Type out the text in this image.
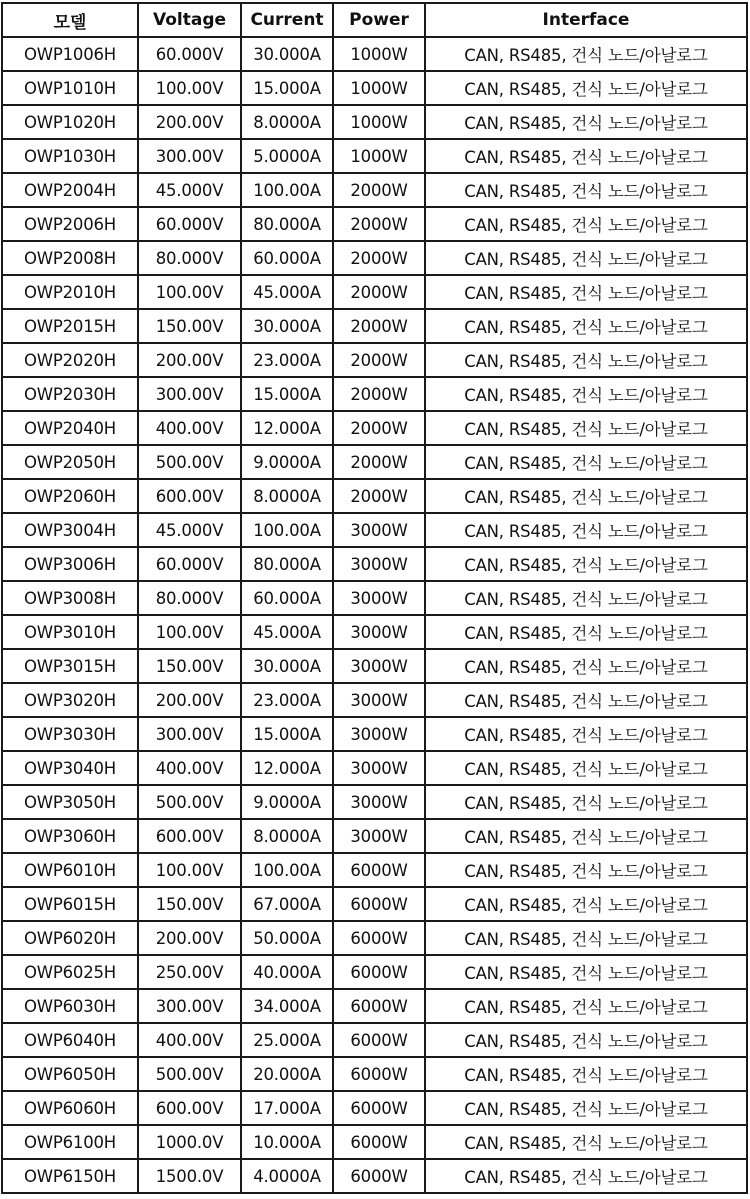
모델	Voltage	Current	Power	Interface
OWP1006H	60.000V	30.000A	1000W	CAN, RS485, 건식 노드/아날로그
OWP1010H	100.00V	15.000A	1000W	CAN, RS485, 건식 노드/아날로그
OWP1020H	200.00V	8.0000A	1000W	CAN, RS485, 건식 노드/아날로그
OWP1030H	300.00V	5.0000A	1000W	CAN, RS485, 건식 노드/아날로그
OWP2004H	45.000V	100.00A	2000W	CAN, RS485, 건식 노드/아날로그
OWP2006H	60.000V	80.000A	2000W	CAN, RS485, 건식 노드/아날로그
OWP2008H	80.000V	60.000A	2000W	CAN, RS485, 건식 노드/아날로그
OWP2010H	100.00V	45.000A	2000W	CAN, RS485, 건식 노드/아날로그
OWP2015H	150.00V	30.000A	2000W	CAN, RS485, 건식 노드/아날로그
OWP2020H	200.00V	23.000A	2000W	CAN, RS485, 건식 노드/아날로그
OWP2030H	300.00V	15.000A	2000W	CAN, RS485, 건식 노드/아날로그
OWP2040H	400.00V	12.000A	2000W	CAN, RS485, 건식 노드/아날로그
OWP2050H	500.00V	9.0000A	2000W	CAN, RS485, 건식 노드/아날로그
OWP2060H	600.00V	8.0000A	2000W	CAN, RS485, 건식 노드/아날로그
OWP3004H	45.000V	100.00A	3000W	CAN, RS485, 건식 노드/아날로그
OWP3006H	60.000V	80.000A	3000W	CAN, RS485, 건식 노드/아날로그
OWP3008H	80.000V	60.000A	3000W	CAN, RS485, 건식 노드/아날로그
OWP3010H	100.00V	45.000A	3000W	CAN, RS485, 건식 노드/아날로그
OWP3015H	150.00V	30.000A	3000W	CAN, RS485, 건식 노드/아날로그
OWP3020H	200.00V	23.000A	3000W	CAN, RS485, 건식 노드/아날로그
OWP3030H	300.00V	15.000A	3000W	CAN, RS485, 건식 노드/아날로그
OWP3040H	400.00V	12.000A	3000W	CAN, RS485, 건식 노드/아날로그
OWP3050H	500.00V	9.0000A	3000W	CAN, RS485, 건식 노드/아날로그
OWP3060H	600.00V	8.0000A	3000W	CAN, RS485, 건식 노드/아날로그
OWP6010H	100.00V	100.00A	6000W	CAN, RS485, 건식 노드/아날로그
OWP6015H	150.00V	67.000A	6000W	CAN, RS485, 건식 노드/아날로그
OWP6020H	200.00V	50.000A	6000W	CAN, RS485, 건식 노드/아날로그
OWP6025H	250.00V	40.000A	6000W	CAN, RS485, 건식 노드/아날로그
OWP6030H	300.00V	34.000A	6000W	CAN, RS485, 건식 노드/아날로그
OWP6040H	400.00V	25.000A	6000W	CAN, RS485, 건식 노드/아날로그
OWP6050H	500.00V	20.000A	6000W	CAN, RS485, 건식 노드/아날로그
OWP6060H	600.00V	17.000A	6000W	CAN, RS485, 건식 노드/아날로그
OWP6100H	1000.0V	10.000A	6000W	CAN, RS485, 건식 노드/아날로그
OWP6150H	1500.0V	4.0000A	6000W	CAN, RS485, 건식 노드/아날로그
